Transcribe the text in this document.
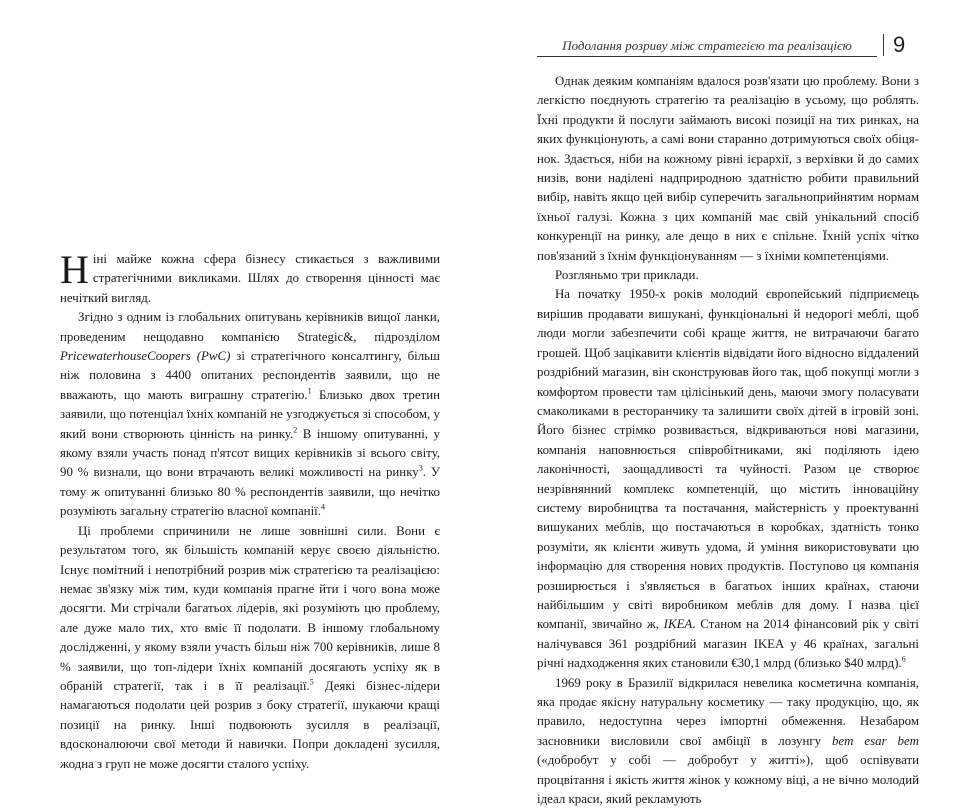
Ніні майже кожна сфера бізнесу стикається з важливими стратегічними викликами. Шлях до створення цінності має нечіткий вигляд.

Згідно з одним із глобальних опитувань керівників вищої ланки, проведеним нещодавно компанією Strategic&, підрозділом PricewaterhouseCoopers (PwC) зі стратегічного консалтингу, більш ніж половина з 4400 опитаних респондентів заявили, що не вважають, що мають виграшну стратегію.$^1$ Близько двох третин заявили, що потенціал їхніх компаній не узгоджується зі способом, у який вони створюють цінність на ринку.$^2$ В іншому опитуванні, у якому взяли участь понад п'ятсот вищих керівників зі всього світу, 90 % визнали, що вони втрачають великі можливості на ринку$^3$. У тому ж опитуванні близько 80 % респондентів заявили, що нечітко розуміють загальну стратегію власної компанії.$^4$

Ці проблеми спричинили не лише зовнішні сили. Вони є результатом того, як більшість компаній керує своєю діяльністю. Існує помітний і непотрібний розрив між стратегією та реалізацією: немає зв'язку між тим, куди компанія прагне йти і чого вона може досягти. Ми стрічали багатьох лідерів, які розуміють цю проблему, але дуже мало тих, хто вміє її подолати. В іншому глобальному дослідженні, у якому взяли участь більш ніж 700 керівників, лише 8 % заявили, що топ-лідери їхніх компаній досягають успіху як в обраній стратегії, так і в її реалізації.$^5$ Деякі бізнес-лідери намагаються подолати цей розрив з боку стратегії, шукаючи кращі позиції на ринку. Інші подвоюють зусилля в реалізації, вдосконалюючи свої методи й навички. Попри докладені зусилля, жодна з груп не може досягти сталого успіху.

Подолання розриву між стратегією та реалізацією	9

Однак деяким компаніям вдалося розв'язати цю проблему. Вони з легкістю поєднують стратегію та реалізацію в усьому, що роблять. Їхні продукти й послуги займають високі позиції на тих ринках, на яких функціонують, а самі вони старанно дотримуються своїх обіцянок. Здається, ніби на кожному рівні ієрархії, з верхівки й до самих низів, вони наділені надприродною здатністю робити правильний вибір, навіть якщо цей вибір суперечить загальноприйнятим нормам їхньої галузі. Кожна з цих компаній має свій унікальний спосіб конкуренції на ринку, але дещо в них є спільне. Їхній успіх чітко пов'язаний з їхнім функціонуванням — з їхніми компетенціями.

Розгляньмо три приклади.

На початку 1950-х років молодий європейський підприємець вирішив продавати вишукані, функціональні й недорогі меблі, щоб люди могли забезпечити собі краще життя, не витрачаючи багато грошей. Щоб зацікавити клієнтів відвідати його відносно віддалений роздрібний магазин, він сконструював його так, щоб покупці могли з комфортом провести там цілісінький день, маючи змогу поласувати смаколиками в ресторанчику та залишити своїх дітей в ігровій зоні. Його бізнес стрімко розвивається, відкриваються нові магазини, компанія наповнюється співробітниками, які поділяють ідею лаконічності, заощадливості та чуйності. Разом це створює незрівнянний комплекс компетенцій, що містить інноваційну систему виробництва та постачання, майстерність у проектуванні вишуканих меблів, що постачаються в коробках, здатність тонко розуміти, як клієнти живуть удома, й уміння використовувати цю інформацію для створення нових продуктів. Поступово ця компанія розширюється і з'являється в багатьох інших країнах, стаючи найбільшим у світі виробником меблів для дому. І назва цієї компанії, звичайно ж, IKEA. Станом на 2014 фінансовий рік у світі налічувався 361 роздрібний магазин IKEA у 46 країнах, загальні річні надходження яких становили €30,1 млрд (близько $40 млрд).$^6$

1969 року в Бразилії відкрилася невелика косметична компанія, яка продає якісну натуральну косметику — таку продукцію, що, як правило, недоступна через імпортні обмеження. Незабаром засновники висловили свої амбіції в лозунгу bem esar bem («добробут у собі — добробут у житті»), щоб оспівувати процвітання і якість життя жінок у кожному віці, а не вічно молодий ідеал краси, який рекламують
